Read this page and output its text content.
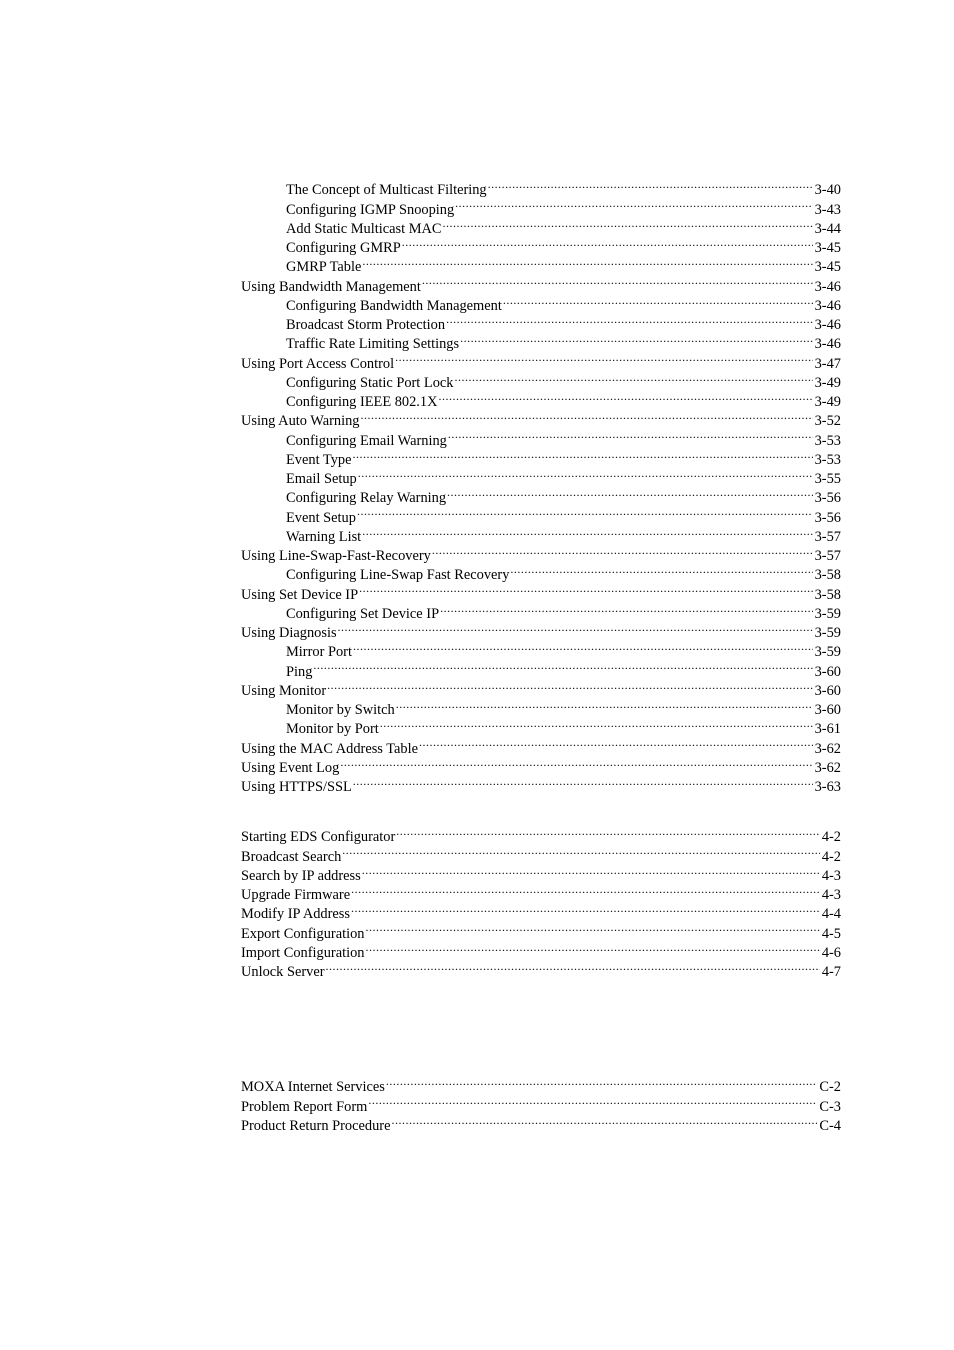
The Concept of Multicast Filtering .....	3-40
Configuring IGMP Snooping .....	3-43
Add Static Multicast MAC .....	3-44
Configuring GMRP .....	3-45
GMRP Table .....	3-45
Using Bandwidth Management .....	3-46
Configuring Bandwidth Management .....	3-46
Broadcast Storm Protection .....	3-46
Traffic Rate Limiting Settings .....	3-46
Using Port Access Control .....	3-47
Configuring Static Port Lock .....	3-49
Configuring IEEE 802.1X .....	3-49
Using Auto Warning .....	3-52
Configuring Email Warning .....	3-53
Event Type .....	3-53
Email Setup .....	3-55
Configuring Relay Warning .....	3-56
Event Setup .....	3-56
Warning List .....	3-57
Using Line-Swap-Fast-Recovery .....	3-57
Configuring Line-Swap Fast Recovery .....	3-58
Using Set Device IP .....	3-58
Configuring Set Device IP .....	3-59
Using Diagnosis .....	3-59
Mirror Port .....	3-59
Ping .....	3-60
Using Monitor .....	3-60
Monitor by Switch .....	3-60
Monitor by Port .....	3-61
Using the MAC Address Table .....	3-62
Using Event Log .....	3-62
Using HTTPS/SSL .....	3-63
Starting EDS Configurator .....	4-2
Broadcast Search .....	4-2
Search by IP address .....	4-3
Upgrade Firmware .....	4-3
Modify IP Address .....	4-4
Export Configuration .....	4-5
Import Configuration .....	4-6
Unlock Server .....	4-7
MOXA Internet Services .....	C-2
Problem Report Form .....	C-3
Product Return Procedure .....	C-4
